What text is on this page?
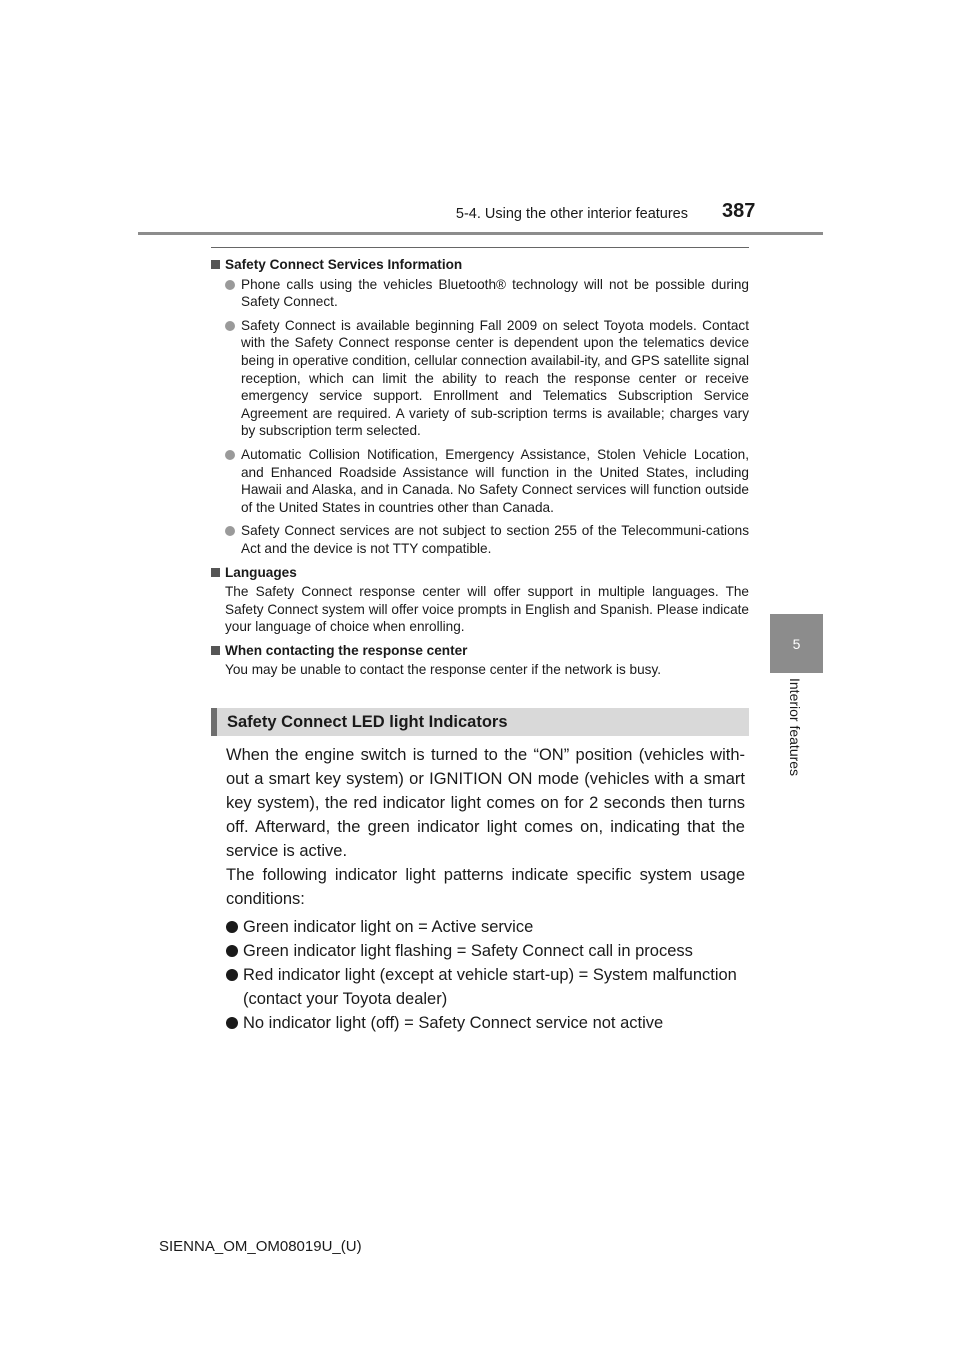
5-4. Using the other interior features 387
5
Interior features
Safety Connect Services Information
Phone calls using the vehicles Bluetooth® technology will not be possible during Safety Connect.
Safety Connect is available beginning Fall 2009 on select Toyota models. Contact with the Safety Connect response center is dependent upon the telematics device being in operative condition, cellular connection availabil-ity, and GPS satellite signal reception, which can limit the ability to reach the response center or receive emergency service support. Enrollment and Telematics Subscription Service Agreement are required. A variety of sub-scription terms is available; charges vary by subscription term selected.
Automatic Collision Notification, Emergency Assistance, Stolen Vehicle Location, and Enhanced Roadside Assistance will function in the United States, including Hawaii and Alaska, and in Canada. No Safety Connect services will function outside of the United States in countries other than Canada.
Safety Connect services are not subject to section 255 of the Telecommuni-cations Act and the device is not TTY compatible.
Languages
The Safety Connect response center will offer support in multiple languages. The Safety Connect system will offer voice prompts in English and Spanish. Please indicate your language of choice when enrolling.
When contacting the response center
You may be unable to contact the response center if the network is busy.
Safety Connect LED light Indicators

When the engine switch is turned to the “ON” position (vehicles with-out a smart key system) or IGNITION ON mode (vehicles with a smart key system), the red indicator light comes on for 2 seconds then turns off. Afterward, the green indicator light comes on, indicating that the service is active.

The following indicator light patterns indicate specific system usage conditions:

Green indicator light on = Active service
Green indicator light flashing = Safety Connect call in process
Red indicator light (except at vehicle start-up) = System malfunction (contact your Toyota dealer)
No indicator light (off) = Safety Connect service not active
SIENNA_OM_OM08019U_(U)
